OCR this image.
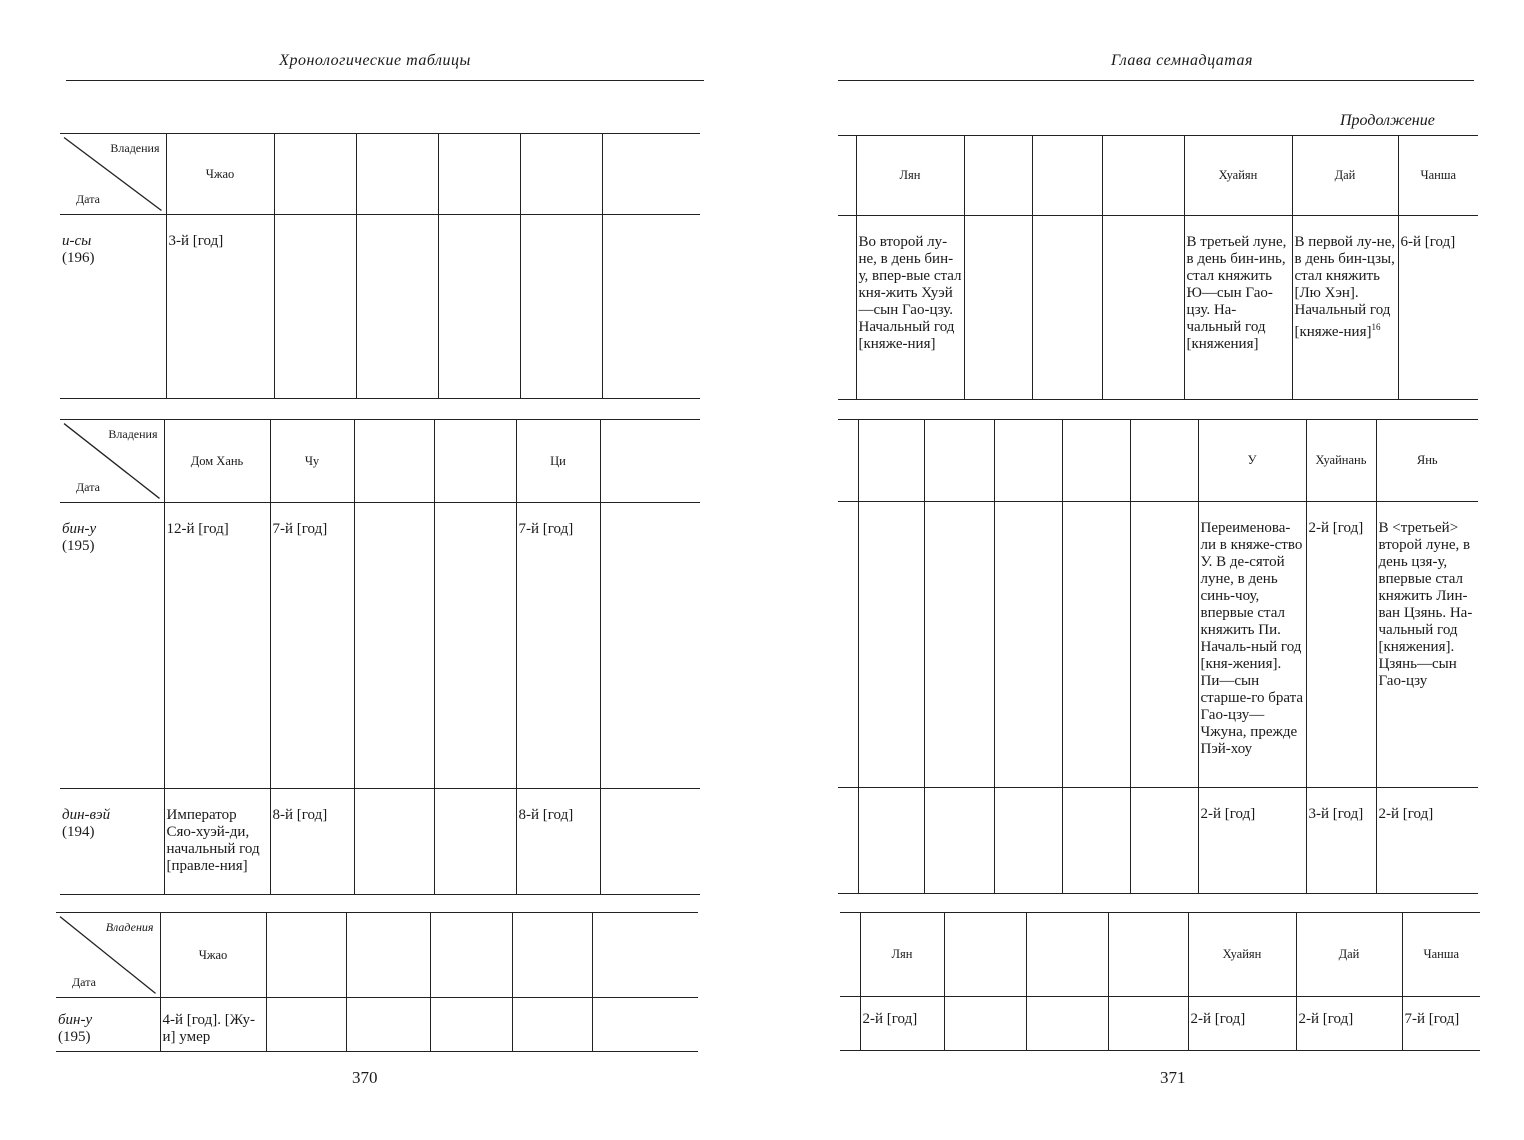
Хронологические таблицы
Владения
Дата	Чжао					

и-сы
(196)	3-й [год]					
Владения
Дата	Дом Хань	Чу			Ци	

бин-у
(195)	12-й [год]	7-й [год]			7-й [год]	

дин-вэй
(194)	Император Сяо-хуэй-ди, начальный год [правле-ния]	8-й [год]			8-й [год]	
Владения
Дата	Чжао					

бин-у
(195)	4-й [год]. [Жу-и] умер					
370
Глава семнадцатая
Продолжение
	Лян				Хуайян	Дай	Чанша
	Во второй лу-не, в день бин-у, впер-вые стал кня-жить Хуэй—сын Гао-цзу. Начальный год [княже-ния]				В третьей луне, в день бин-инь, стал княжить Ю—сын Гао-цзу. На-чальный год [княжения]	В первой лу-не, в день бин-цзы, стал княжить [Лю Хэн]. Начальный год [княже-ния]$^{16}$	6-й [год]
						У	Хуайнань	Янь
						Переименова-ли в княже-ство У. В де-сятой луне, в день синь-чоу, впервые стал княжить Пи. Началь-ный год [кня-жения]. Пи—сын старше-го брата Гао-цзу—Чжуна, прежде Пэй-хоу	2-й [год]	В <третьей> второй луне, в день цзя-у, впервые стал княжить Лин-ван Цзянь. На-чальный год [княжения]. Цзянь—сын Гао-цзу
						2-й [год]	3-й [год]	2-й [год]
	Лян				Хуайян	Дай	Чанша
	2-й [год]				2-й [год]	2-й [год]	7-й [год]
371
